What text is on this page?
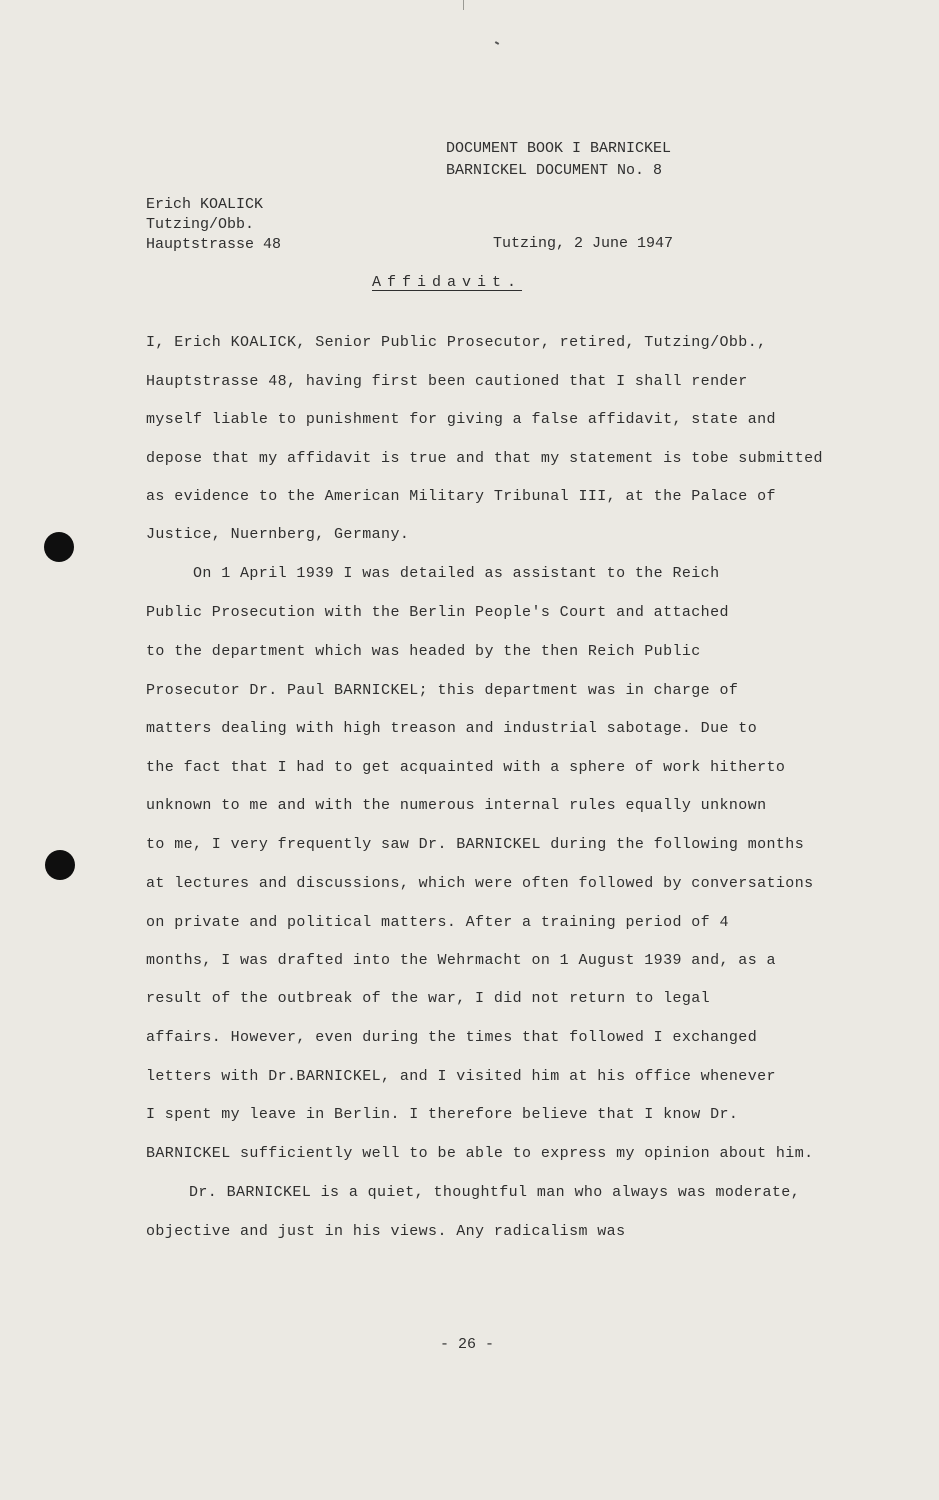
DOCUMENT BOOK I BARNICKEL
BARNICKEL DOCUMENT No. 8
Erich KOALICK
Tutzing/Obb.
Hauptstrasse 48	Tutzing, 2 June 1947
Affidavit.
I, Erich KOALICK, Senior Public Prosecutor, retired, Tutzing/Obb.,
Hauptstrasse 48, having first been cautioned that I shall render
myself liable to punishment for giving a false affidavit, state and
depose that my affidavit is true and that my statement is tobe submitted
as evidence to the American Military Tribunal III, at the Palace of
Justice, Nuernberg, Germany.
On 1 April 1939 I was detailed as assistant to the Reich
Public Prosecution with the Berlin People's Court and attached
to the department which was headed by the then Reich Public
Prosecutor Dr. Paul BARNICKEL; this department was in charge of
matters dealing with high treason and industrial sabotage. Due to
the fact that I had to get acquainted with a sphere of work hitherto
unknown to me and with the numerous internal rules equally unknown
to me, I very frequently saw Dr. BARNICKEL during the following months
at lectures and discussions, which were often followed by conversations
on private and political matters. After a training period of 4
months, I was drafted into the Wehrmacht on 1 August 1939 and, as a
result of the outbreak of the war, I did not return to legal
affairs. However, even during the times that followed I exchanged
letters with Dr.BARNICKEL, and I visited him at his office whenever
I spent my leave in Berlin. I therefore believe that I know Dr.
BARNICKEL sufficiently well to be able to express my opinion about him.
Dr. BARNICKEL is a quiet, thoughtful man who always was moderate,
objective and just in his views. Any radicalism was
- 26 -
